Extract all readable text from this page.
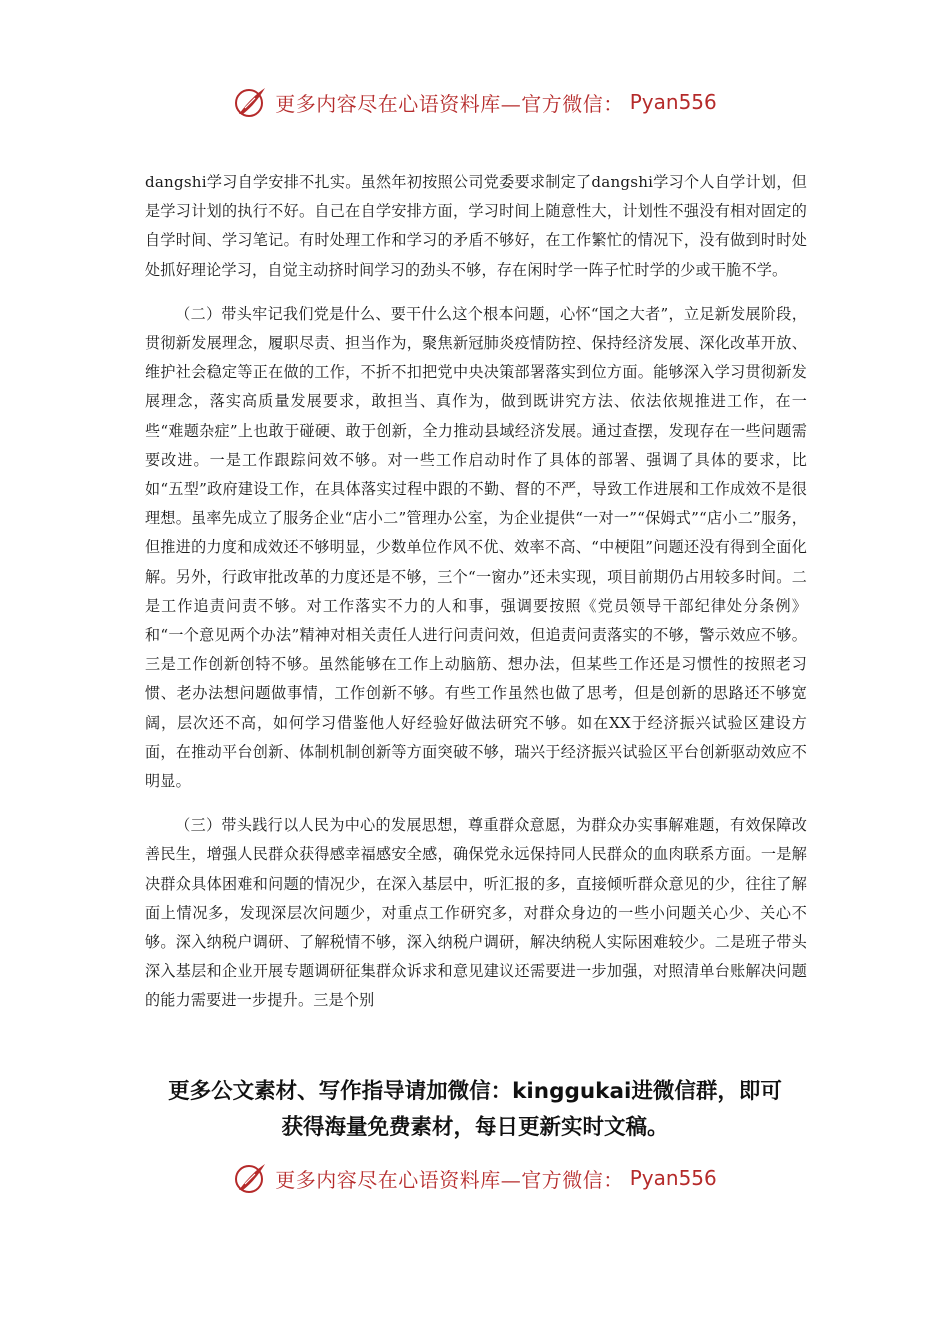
更多内容尽在心语资料库—官方微信： Pyan556

dangshi学习自学安排不扎实。虽然年初按照公司党委要求制定了dangshi学习个人自学计划，但是学习计划的执行不好。自己在自学安排方面，学习时间上随意性大，计划性不强没有相对固定的自学时间、学习笔记。有时处理工作和学习的矛盾不够好，在工作繁忙的情况下，没有做到时时处处抓好理论学习，自觉主动挤时间学习的劲头不够，存在闲时学一阵子忙时学的少或干脆不学。

（二）带头牢记我们党是什么、要干什么这个根本问题，心怀“国之大者”，立足新发展阶段，贯彻新发展理念，履职尽责、担当作为，聚焦新冠肺炎疫情防控、保持经济发展、深化改革开放、维护社会稳定等正在做的工作，不折不扣把党中央决策部署落实到位方面。能够深入学习贯彻新发展理念，落实高质量发展要求，敢担当、真作为，做到既讲究方法、依法依规推进工作，在一些“难题杂症”上也敢于碰硬、敢于创新，全力推动县域经济发展。通过查摆，发现存在一些问题需要改进。一是工作跟踪问效不够。对一些工作启动时作了具体的部署、强调了具体的要求，比如“五型”政府建设工作，在具体落实过程中跟的不勤、督的不严，导致工作进展和工作成效不是很理想。虽率先成立了服务企业“店小二”管理办公室，为企业提供“一对一”“保姆式”“店小二”服务，但推进的力度和成效还不够明显，少数单位作风不优、效率不高、“中梗阻”问题还没有得到全面化解。另外，行政审批改革的力度还是不够，三个“一窗办”还未实现，项目前期仍占用较多时间。二是工作追责问责不够。对工作落实不力的人和事，强调要按照《党员领导干部纪律处分条例》和“一个意见两个办法”精神对相关责任人进行问责问效，但追责问责落实的不够，警示效应不够。三是工作创新创特不够。虽然能够在工作上动脑筋、想办法，但某些工作还是习惯性的按照老习惯、老办法想问题做事情，工作创新不够。有些工作虽然也做了思考，但是创新的思路还不够宽阔，层次还不高，如何学习借鉴他人好经验好做法研究不够。如在XX于经济振兴试验区建设方面，在推动平台创新、体制机制创新等方面突破不够，瑞兴于经济振兴试验区平台创新驱动效应不明显。

（三）带头践行以人民为中心的发展思想，尊重群众意愿，为群众办实事解难题，有效保障改善民生，增强人民群众获得感幸福感安全感，确保党永远保持同人民群众的血肉联系方面。一是解决群众具体困难和问题的情况少，在深入基层中，听汇报的多，直接倾听群众意见的少，往往了解面上情况多，发现深层次问题少，对重点工作研究多，对群众身边的一些小问题关心少、关心不够。深入纳税户调研、了解税情不够，深入纳税户调研，解决纳税人实际困难较少。二是班子带头深入基层和企业开展专题调研征集群众诉求和意见建议还需要进一步加强，对照清单台账解决问题的能力需要进一步提升。三是个别

更多公文素材、写作指导请加微信：kinggukai进微信群，即可
获得海量免费素材，每日更新实时文稿。
更多内容尽在心语资料库—官方微信： Pyan556
